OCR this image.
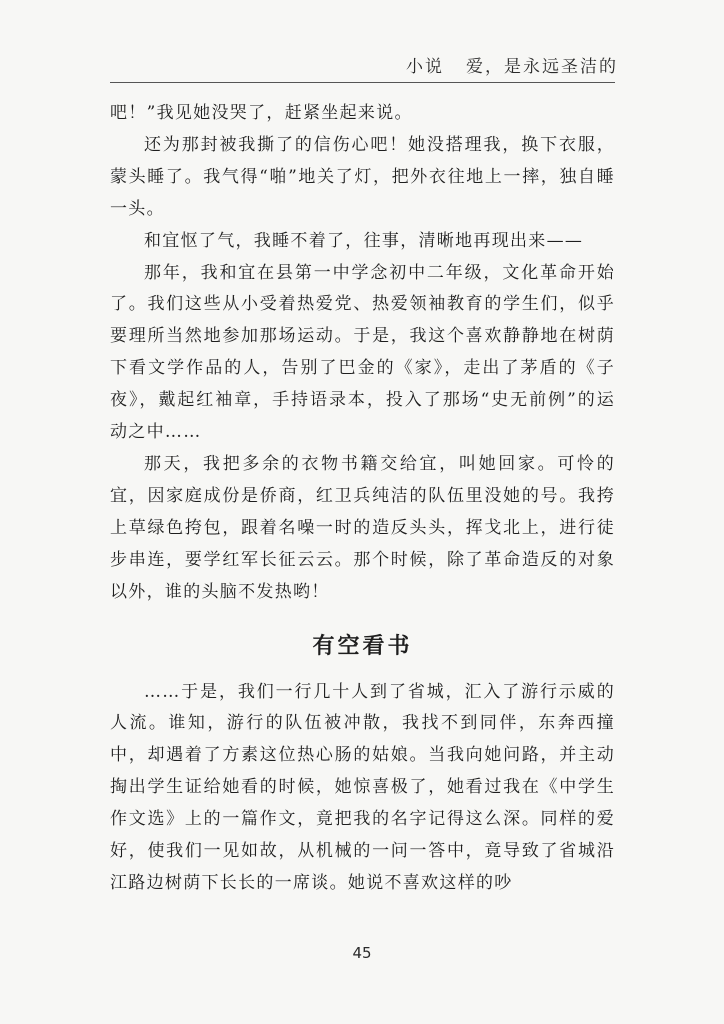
小说 爱，是永远圣洁的

吧！”我见她没哭了，赶紧坐起来说。

还为那封被我撕了的信伤心吧！她没搭理我，换下衣服，蒙头睡了。我气得“啪”地关了灯，把外衣往地上一摔，独自睡一头。

和宜怄了气，我睡不着了，往事，清晰地再现出来——

那年，我和宜在县第一中学念初中二年级，文化革命开始了。我们这些从小受着热爱党、热爱领袖教育的学生们，似乎要理所当然地参加那场运动。于是，我这个喜欢静静地在树荫下看文学作品的人，告别了巴金的《家》，走出了茅盾的《子夜》，戴起红袖章，手持语录本，投入了那场“史无前例”的运动之中……

那天，我把多余的衣物书籍交给宜，叫她回家。可怜的宜，因家庭成份是侨商，红卫兵纯洁的队伍里没她的号。我挎上草绿色挎包，跟着名噪一时的造反头头，挥戈北上，进行徒步串连，要学红军长征云云。那个时候，除了革命造反的对象以外，谁的头脑不发热哟！

有空看书

……于是，我们一行几十人到了省城，汇入了游行示威的人流。谁知，游行的队伍被冲散，我找不到同伴，东奔西撞中，却遇着了方素这位热心肠的姑娘。当我向她问路，并主动掏出学生证给她看的时候，她惊喜极了，她看过我在《中学生作文选》上的一篇作文，竟把我的名字记得这么深。同样的爱好，使我们一见如故，从机械的一问一答中，竟导致了省城沿江路边树荫下长长的一席谈。她说不喜欢这样的吵

45
